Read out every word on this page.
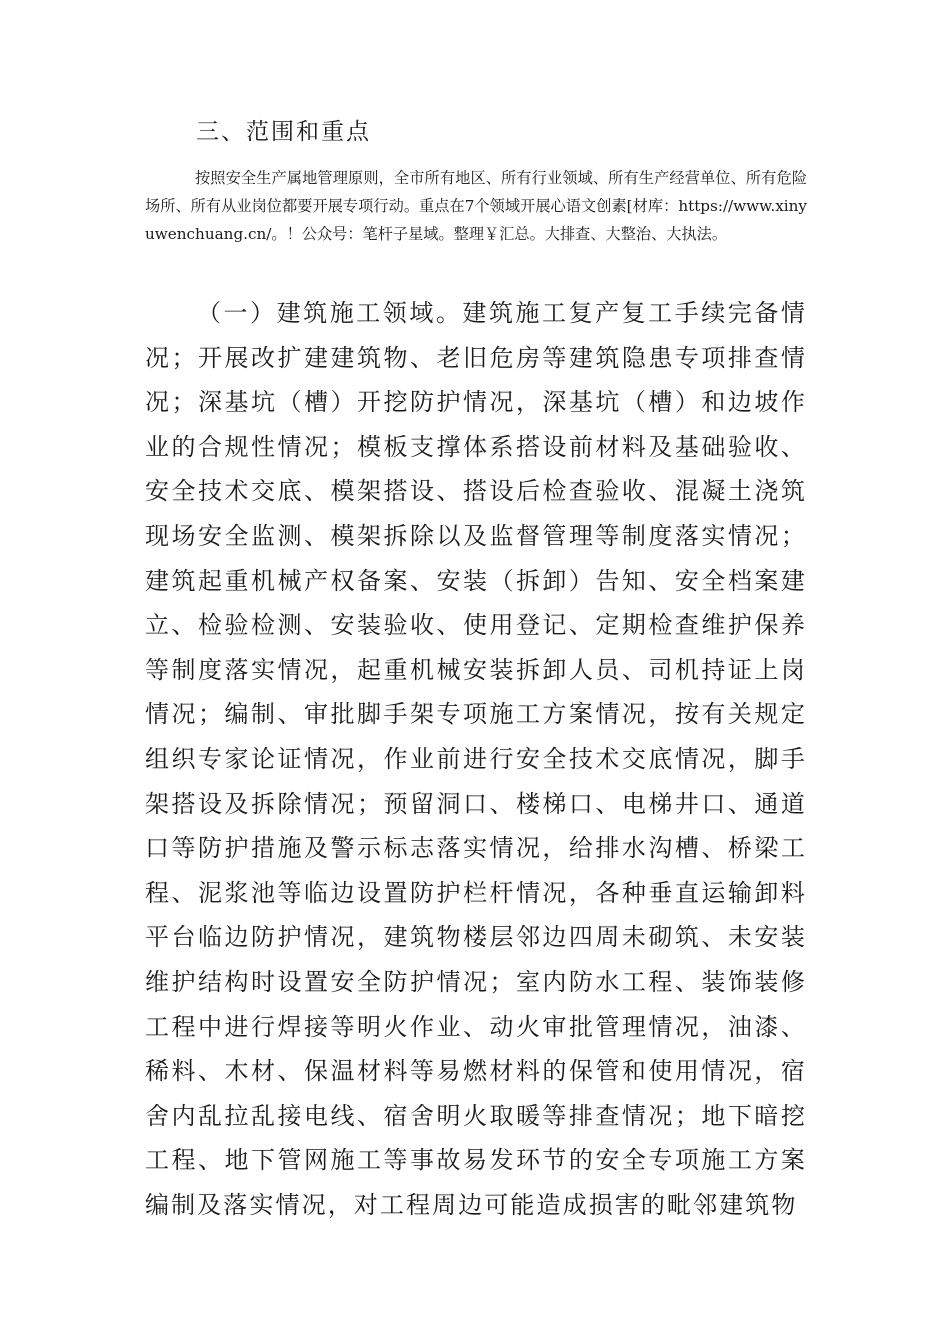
三、范围和重点

按照安全生产属地管理原则，全市所有地区、所有行业领域、所有生产经营单位、所有危险场所、所有从业岗位都要开展专项行动。重点在7个领域开展心语文创素[材库：https://www.xinyuwenchuang.cn/。！公众号：笔杆子星域。整理￥汇总。大排查、大整治、大执法。

（一）建筑施工领域。建筑施工复产复工手续完备情况；开展改扩建建筑物、老旧危房等建筑隐患专项排查情况；深基坑（槽）开挖防护情况，深基坑（槽）和边坡作业的合规性情况；模板支撑体系搭设前材料及基础验收、安全技术交底、模架搭设、搭设后检查验收、混凝土浇筑现场安全监测、模架拆除以及监督管理等制度落实情况；建筑起重机械产权备案、安装（拆卸）告知、安全档案建立、检验检测、安装验收、使用登记、定期检查维护保养等制度落实情况，起重机械安装拆卸人员、司机持证上岗情况；编制、审批脚手架专项施工方案情况，按有关规定组织专家论证情况，作业前进行安全技术交底情况，脚手架搭设及拆除情况；预留洞口、楼梯口、电梯井口、通道口等防护措施及警示标志落实情况，给排水沟槽、桥梁工程、泥浆池等临边设置防护栏杆情况，各种垂直运输卸料平台临边防护情况，建筑物楼层邻边四周未砌筑、未安装维护结构时设置安全防护情况；室内防水工程、装饰装修工程中进行焊接等明火作业、动火审批管理情况，油漆、稀料、木材、保温材料等易燃材料的保管和使用情况，宿舍内乱拉乱接电线、宿舍明火取暖等排查情况；地下暗挖工程、地下管网施工等事故易发环节的安全专项施工方案编制及落实情况，对工程周边可能造成损害的毗邻建筑物
